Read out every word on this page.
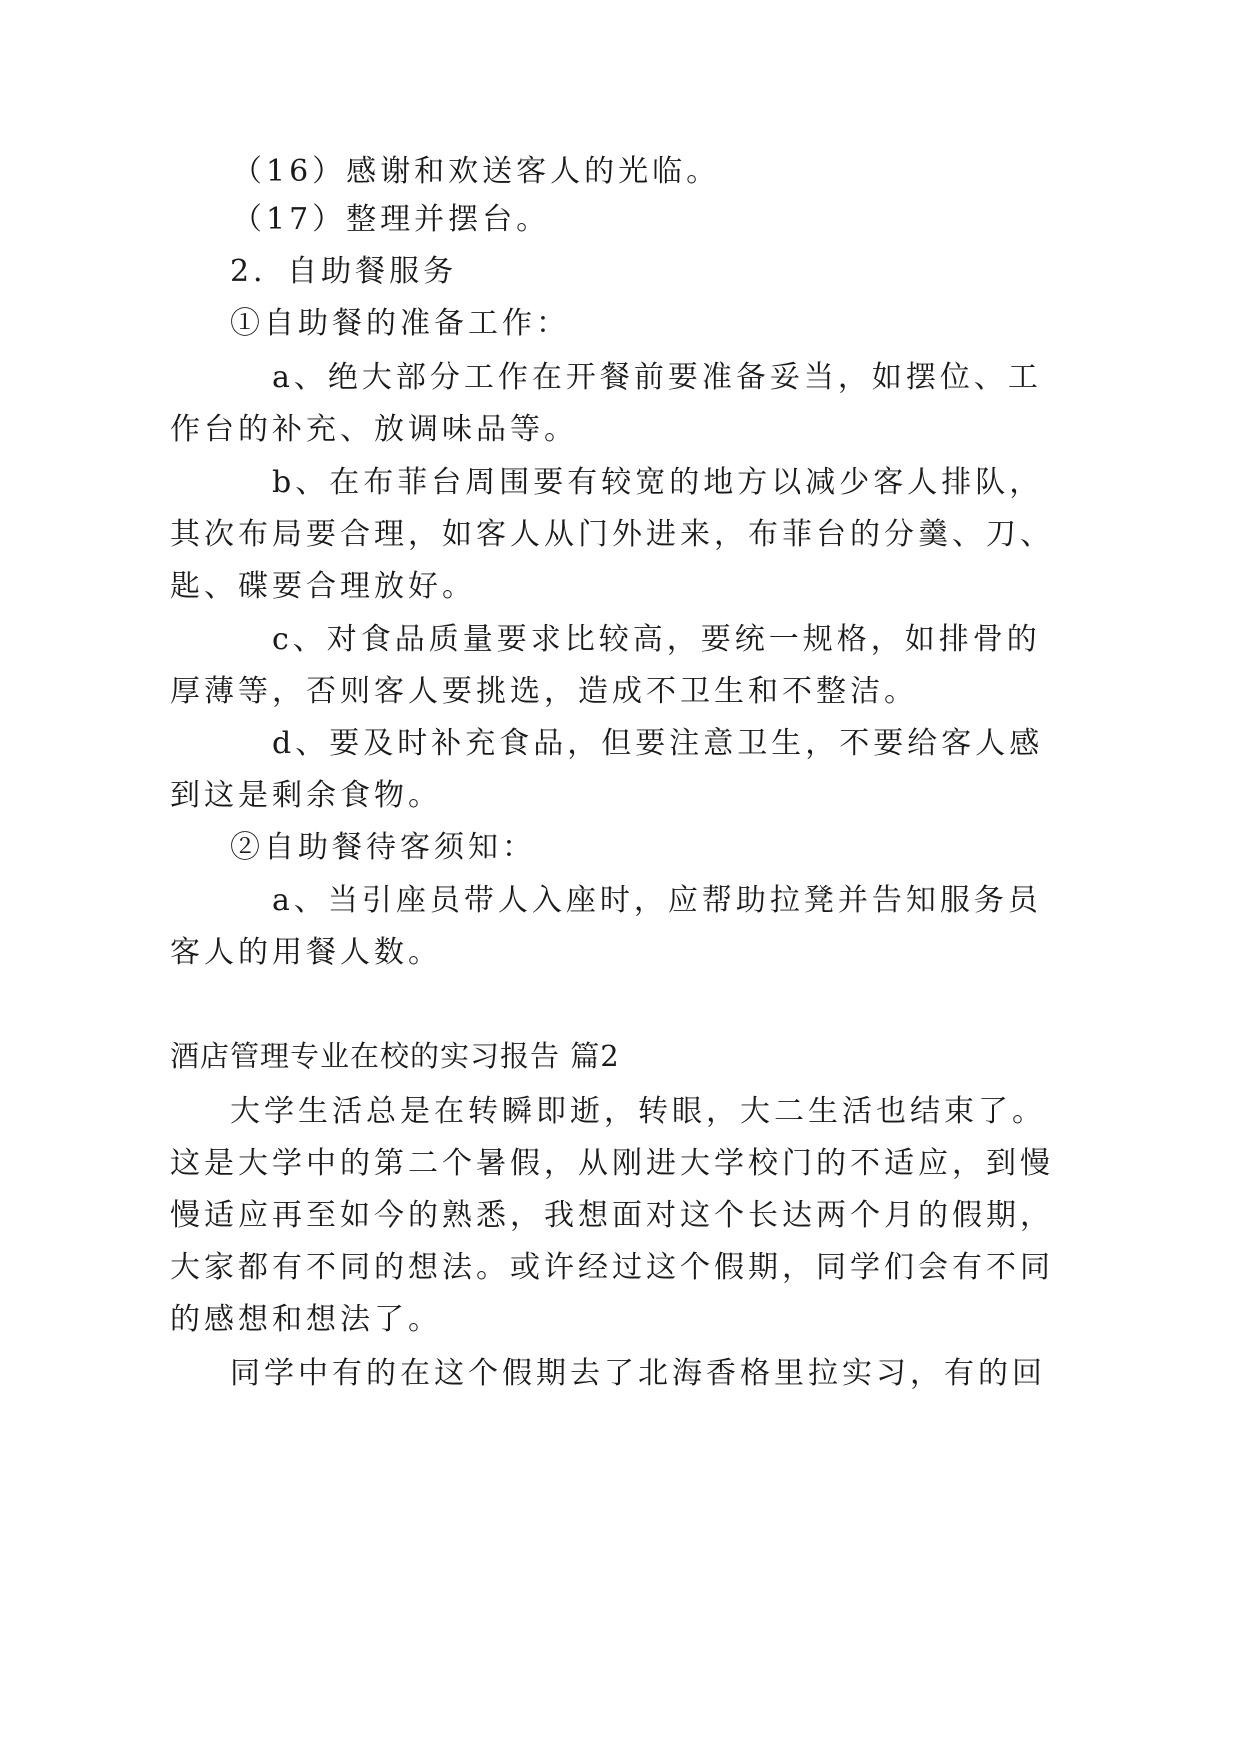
（16）感谢和欢送客人的光临。
（17）整理并摆台。
2．自助餐服务
①自助餐的准备工作：
a、绝大部分工作在开餐前要准备妥当，如摆位、工
作台的补充、放调味品等。
b、在布菲台周围要有较宽的地方以减少客人排队，
其次布局要合理，如客人从门外进来，布菲台的分羹、刀、
匙、碟要合理放好。
c、对食品质量要求比较高，要统一规格，如排骨的
厚薄等，否则客人要挑选，造成不卫生和不整洁。
d、要及时补充食品，但要注意卫生，不要给客人感
到这是剩余食物。
②自助餐待客须知：
a、当引座员带人入座时，应帮助拉凳并告知服务员
客人的用餐人数。
酒店管理专业在校的实习报告 篇2
大学生活总是在转瞬即逝，转眼，大二生活也结束了。
这是大学中的第二个暑假，从刚进大学校门的不适应，到慢
慢适应再至如今的熟悉，我想面对这个长达两个月的假期，
大家都有不同的想法。或许经过这个假期，同学们会有不同
的感想和想法了。
同学中有的在这个假期去了北海香格里拉实习，有的回
